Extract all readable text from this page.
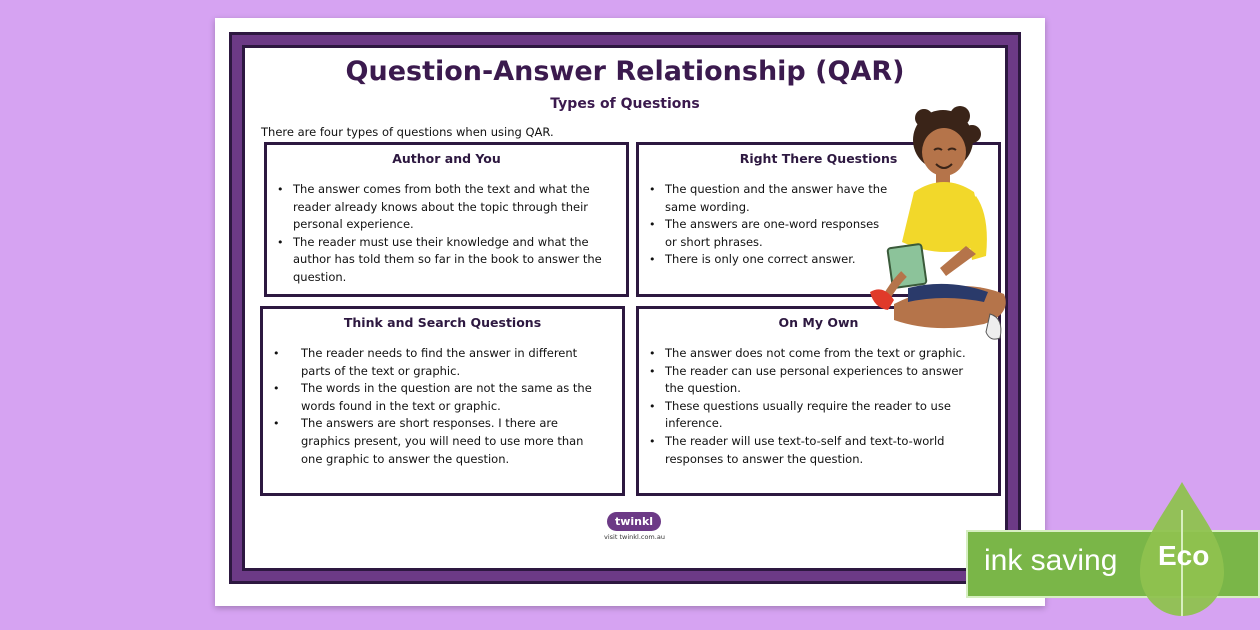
Question-Answer Relationship (QAR)
Types of Questions
There are four types of questions when using QAR.
Author and You
• The answer comes from both the text and what the reader already knows about the topic through their personal experience.
• The reader must use their knowledge and what the author has told them so far in the book to answer the question.
Right There Questions
• The question and the answer have the same wording.
• The answers are one-word responses or short phrases.
• There is only one correct answer.
Think and Search Questions
• The reader needs to find the answer in different parts of the text or graphic.
• The words in the question are not the same as the words found in the text or graphic.
• The answers are short responses. I there are graphics present, you will need to use more than one graphic to answer the question.
On My Own
• The answer does not come from the text or graphic.
• The reader can use personal experiences to answer the question.
• These questions usually require the reader to use inference.
• The reader will use text-to-self and text-to-world responses to answer the question.
twinkl
visit twinkl.com.au
ink saving Eco
